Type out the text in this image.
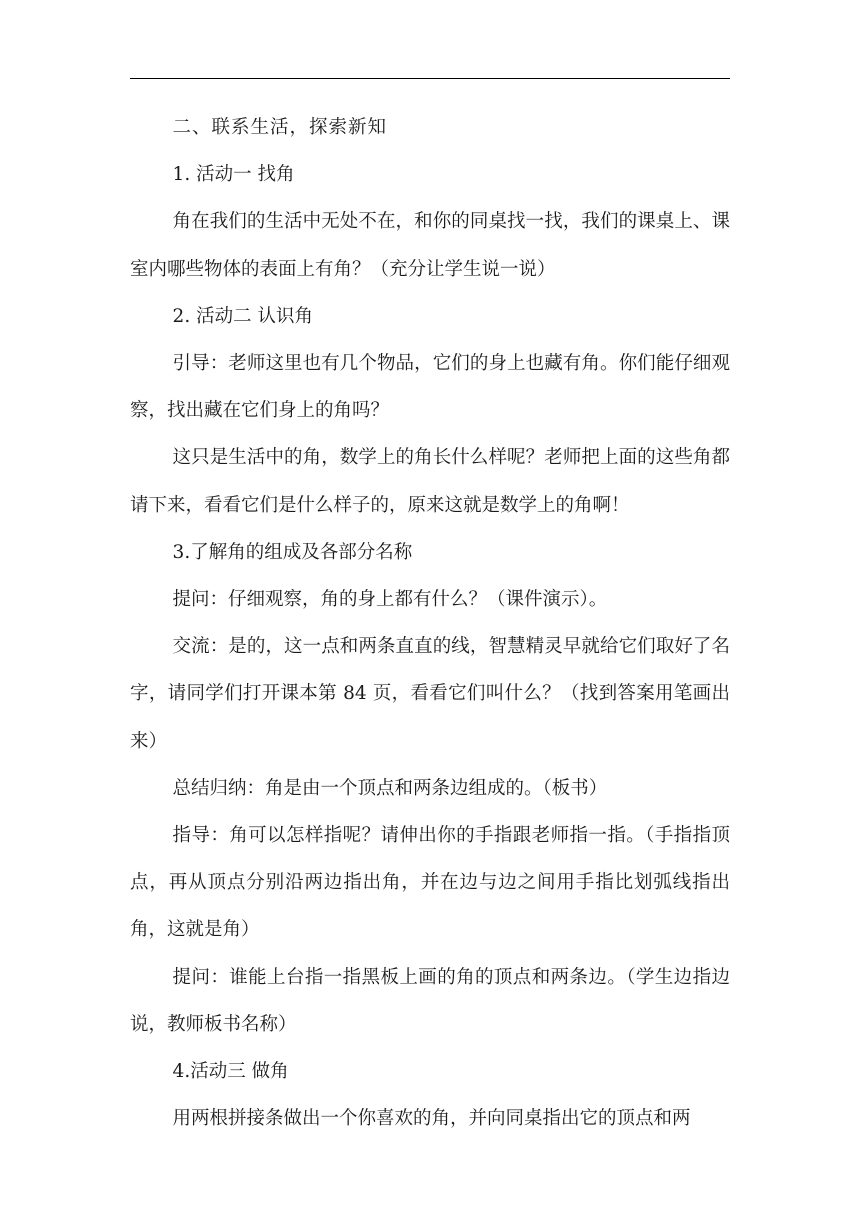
二、联系生活，探索新知

1. 活动一 找角

角在我们的生活中无处不在，和你的同桌找一找，我们的课桌上、课室内哪些物体的表面上有角？（充分让学生说一说）

2. 活动二 认识角

引导：老师这里也有几个物品，它们的身上也藏有角。你们能仔细观察，找出藏在它们身上的角吗？

这只是生活中的角，数学上的角长什么样呢？老师把上面的这些角都请下来，看看它们是什么样子的，原来这就是数学上的角啊！

3.了解角的组成及各部分名称

提问：仔细观察，角的身上都有什么？（课件演示）。

交流：是的，这一点和两条直直的线，智慧精灵早就给它们取好了名字，请同学们打开课本第 84 页，看看它们叫什么？（找到答案用笔画出来）

总结归纳：角是由一个顶点和两条边组成的。（板书）

指导：角可以怎样指呢？请伸出你的手指跟老师指一指。（手指指顶点，再从顶点分别沿两边指出角，并在边与边之间用手指比划弧线指出角，这就是角）

提问：谁能上台指一指黑板上画的角的顶点和两条边。（学生边指边说，教师板书名称）

4.活动三 做角

用两根拼接条做出一个你喜欢的角，并向同桌指出它的顶点和两
